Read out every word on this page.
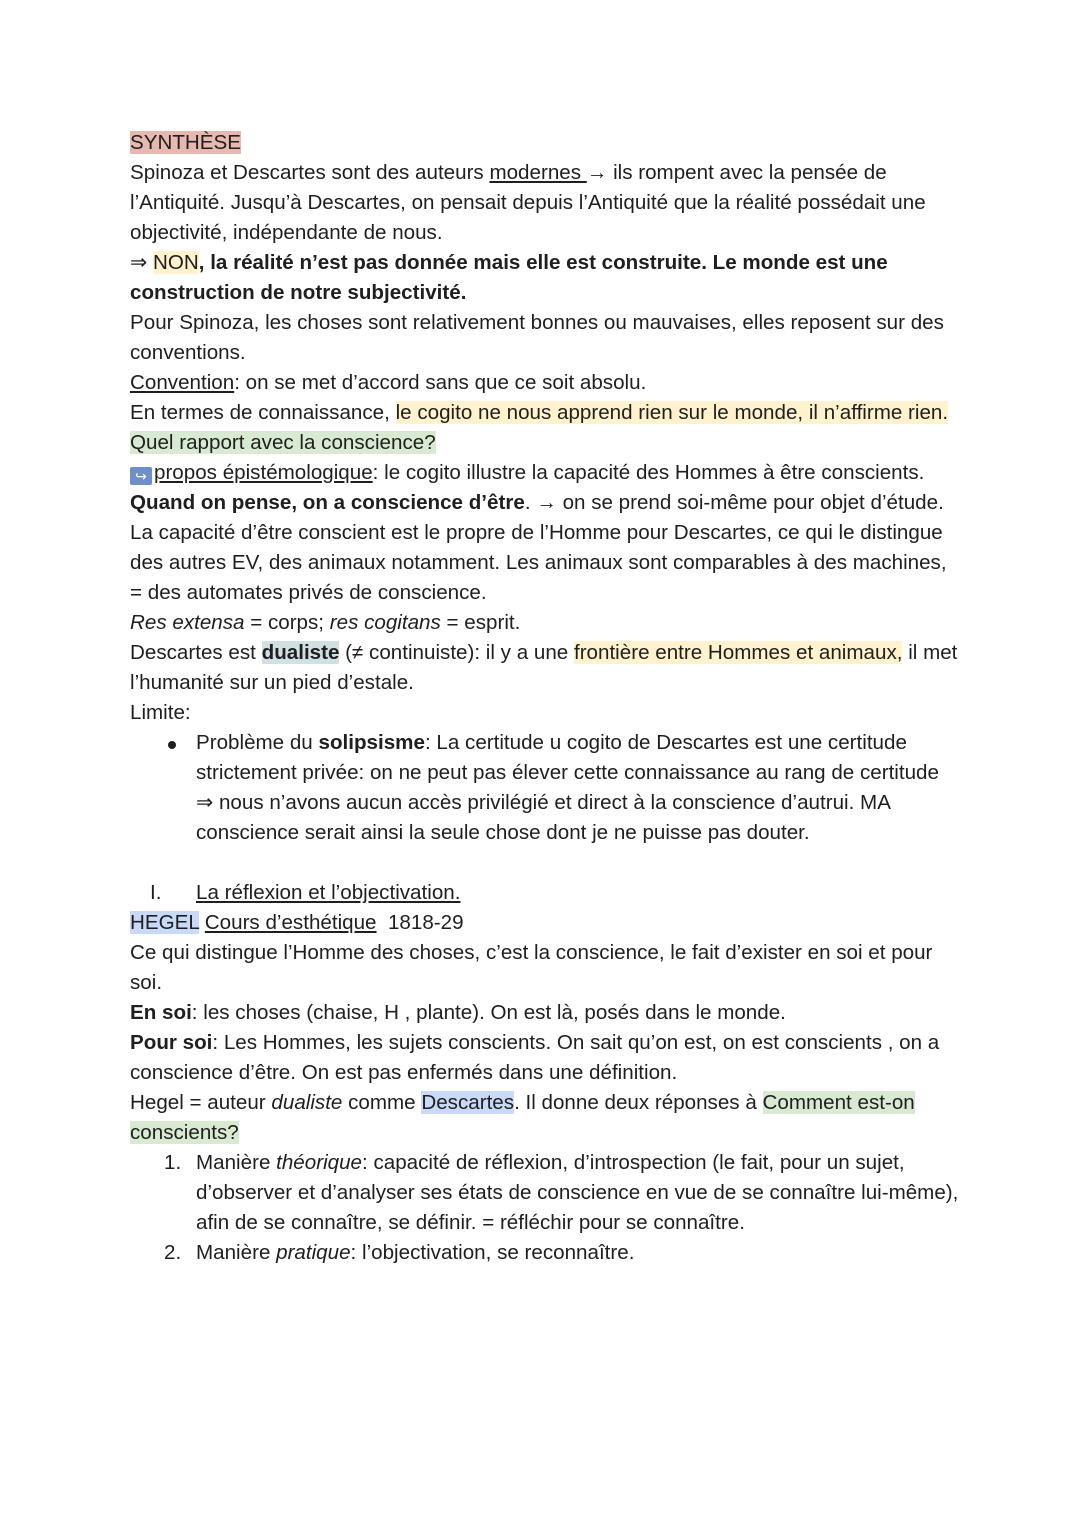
SYNTHÈSE

Spinoza et Descartes sont des auteurs modernes → ils rompent avec la pensée de l’Antiquité. Jusqu’à Descartes, on pensait depuis l’Antiquité que la réalité possédait une objectivité, indépendante de nous.

⇒ NON, la réalité n’est pas donnée mais elle est construite. Le monde est une construction de notre subjectivité.

Pour Spinoza, les choses sont relativement bonnes ou mauvaises, elles reposent sur des conventions.

Convention: on se met d’accord sans que ce soit absolu.

En termes de connaissance, le cogito ne nous apprend rien sur le monde, il n’affirme rien.

Quel rapport avec la conscience?

↪ propos épistémologique: le cogito illustre la capacité des Hommes à être conscients. Quand on pense, on a conscience d’être. → on se prend soi-même pour objet d’étude. La capacité d’être conscient est le propre de l’Homme pour Descartes, ce qui le distingue des autres EV, des animaux notamment. Les animaux sont comparables à des machines, = des automates privés de conscience.

Res extensa = corps; res cogitans = esprit.

Descartes est dualiste (≠ continuiste): il y a une frontière entre Hommes et animaux, il met l’humanité sur un pied d’estale.

Limite:

Problème du solipsisme: La certitude u cogito de Descartes est une certitude strictement privée: on ne peut pas élever cette connaissance au rang de certitude ⇒ nous n’avons aucun accès privilégié et direct à la conscience d’autrui. MA conscience serait ainsi la seule chose dont je ne puisse pas douter.

I. La réflexion et l’objectivation.

HEGEL Cours d’esthétique  1818-29

Ce qui distingue l’Homme des choses, c’est la conscience, le fait d’exister en soi et pour soi.

En soi: les choses (chaise, H , plante). On est là, posés dans le monde.

Pour soi: Les Hommes, les sujets conscients. On sait qu’on est, on est conscients , on a conscience d’être. On est pas enfermés dans une définition.

Hegel = auteur dualiste comme Descartes. Il donne deux réponses à Comment est-on conscients?

1. Manière théorique: capacité de réflexion, d’introspection (le fait, pour un sujet, d’observer et d’analyser ses états de conscience en vue de se connaître lui-même), afin de se connaître, se définir. = réfléchir pour se connaître.
2. Manière pratique: l’objectivation, se reconnaître.
